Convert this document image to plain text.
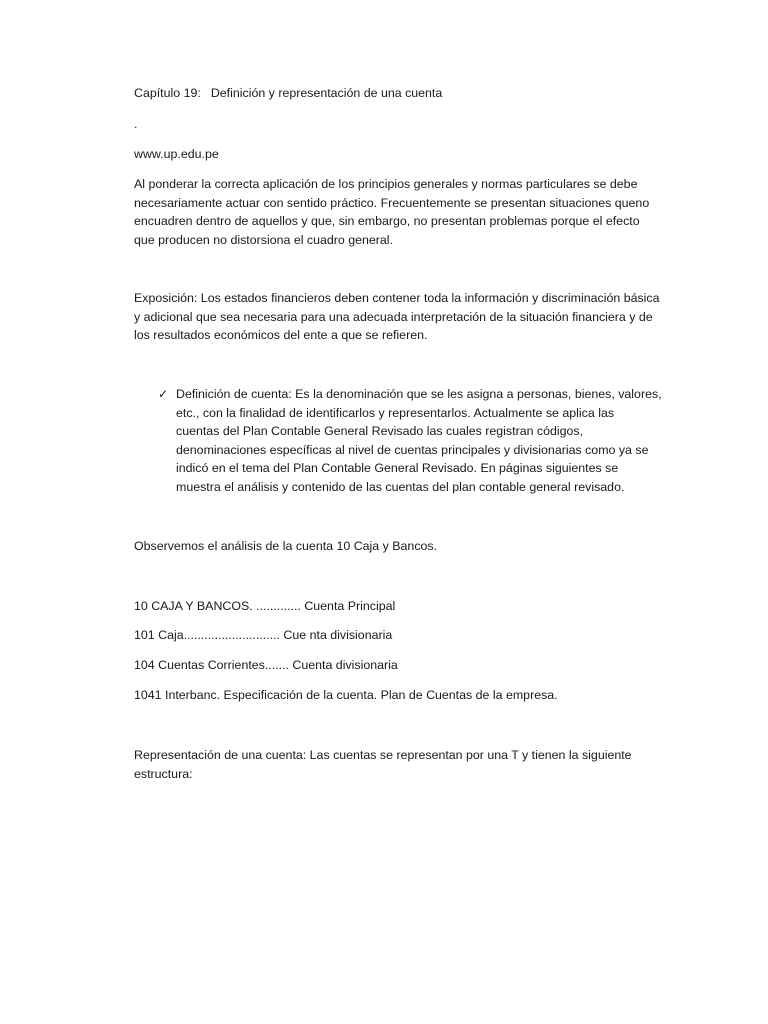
Capítulo 19: Definición y representación de una cuenta

.

www.up.edu.pe

Al ponderar la correcta aplicación de los principios generales y normas particulares se debe
necesariamente actuar con sentido práctico. Frecuentemente se presentan situaciones queno
encuadren dentro de aquellos y que, sin embargo, no presentan problemas porque el efecto
que producen no distorsiona el cuadro general.
Exposición: Los estados financieros deben contener toda la información y discriminación básica
y adicional que sea necesaria para una adecuada interpretación de la situación financiera y de
los resultados económicos del ente a que se refieren.
✓ Definición de cuenta: Es la denominación que se les asigna a personas, bienes, valores,
etc., con la finalidad de identificarlos y representarlos. Actualmente se aplica las
cuentas del Plan Contable General Revisado las cuales registran códigos,
denominaciones específicas al nivel de cuentas principales y divisionarias como ya se
indicó en el tema del Plan Contable General Revisado. En páginas siguientes se
muestra el análisis y contenido de las cuentas del plan contable general revisado.

Observemos el análisis de la cuenta 10 Caja y Bancos.

10 CAJA Y BANCOS. ............. Cuenta Principal

101 Caja............................ Cue nta divisionaria

104 Cuentas Corrientes....... Cuenta divisionaria

1041 Interbanc. Especificación de la cuenta. Plan de Cuentas de la empresa.

Representación de una cuenta: Las cuentas se representan por una T y tienen la siguiente
estructura:
